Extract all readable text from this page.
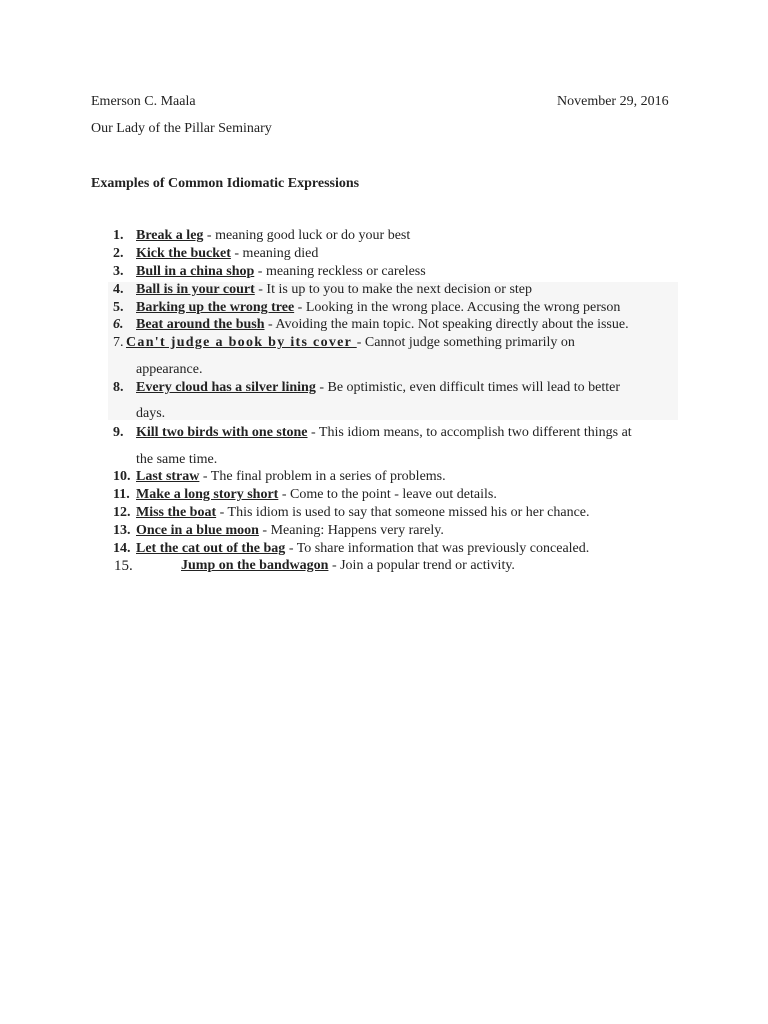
Emerson C. Maala	November 29, 2016
Our Lady of the Pillar Seminary
Examples of Common Idiomatic Expressions
1. Break a leg - meaning good luck or do your best
2. Kick the bucket - meaning died
3. Bull in a china shop - meaning reckless or careless
4. Ball is in your court - It is up to you to make the next decision or step
5. Barking up the wrong tree - Looking in the wrong place. Accusing the wrong person
6. Beat around the bush - Avoiding the main topic. Not speaking directly about the issue.
7. Can't judge a book by its cover - Cannot judge something primarily on
appearance.
8. Every cloud has a silver lining - Be optimistic, even difficult times will lead to better
days.
9. Kill two birds with one stone - This idiom means, to accomplish two different things at
the same time.
10. Last straw - The final problem in a series of problems.
11. Make a long story short - Come to the point - leave out details.
12. Miss the boat - This idiom is used to say that someone missed his or her chance.
13. Once in a blue moon - Meaning: Happens very rarely.
14. Let the cat out of the bag - To share information that was previously concealed.
15.	Jump on the bandwagon - Join a popular trend or activity.
